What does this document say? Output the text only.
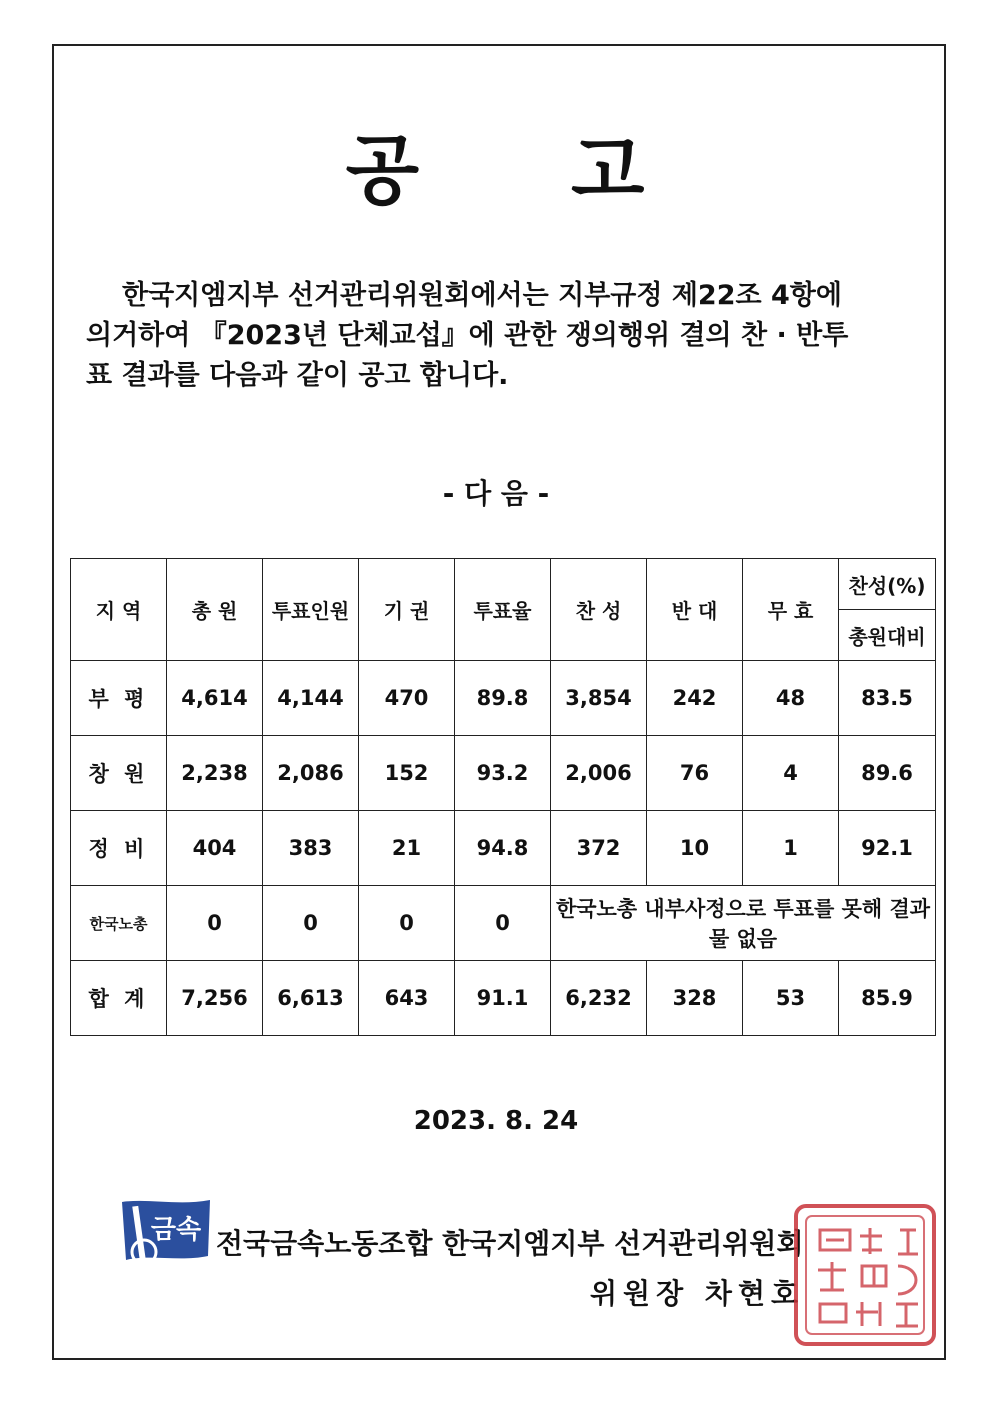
공 고
한국지엠지부 선거관리위원회에서는 지부규정 제22조 4항에
의거하여 『2023년 단체교섭』에 관한 쟁의행위 결의 찬 · 반투
표 결과를 다음과 같이 공고 합니다.
- 다 음 -
지 역	총 원	투표인원	기 권	투표율	찬 성	반 대	무 효	찬성(%)
								총원대비
부 평	4,614	4,144	470	89.8	3,854	242	48	83.5
창 원	2,238	2,086	152	93.2	2,006	76	4	89.6
정 비	404	383	21	94.8	372	10	1	92.1
한국노총	0	0	0	0	한국노총 내부사정으로 투표를 못해 결과물 없음			
합 계	7,256	6,613	643	91.1	6,232	328	53	85.9
2023. 8. 24
금속 전국금속노동조합 한국지엠지부 선거관리위원회
위원장 차현호
